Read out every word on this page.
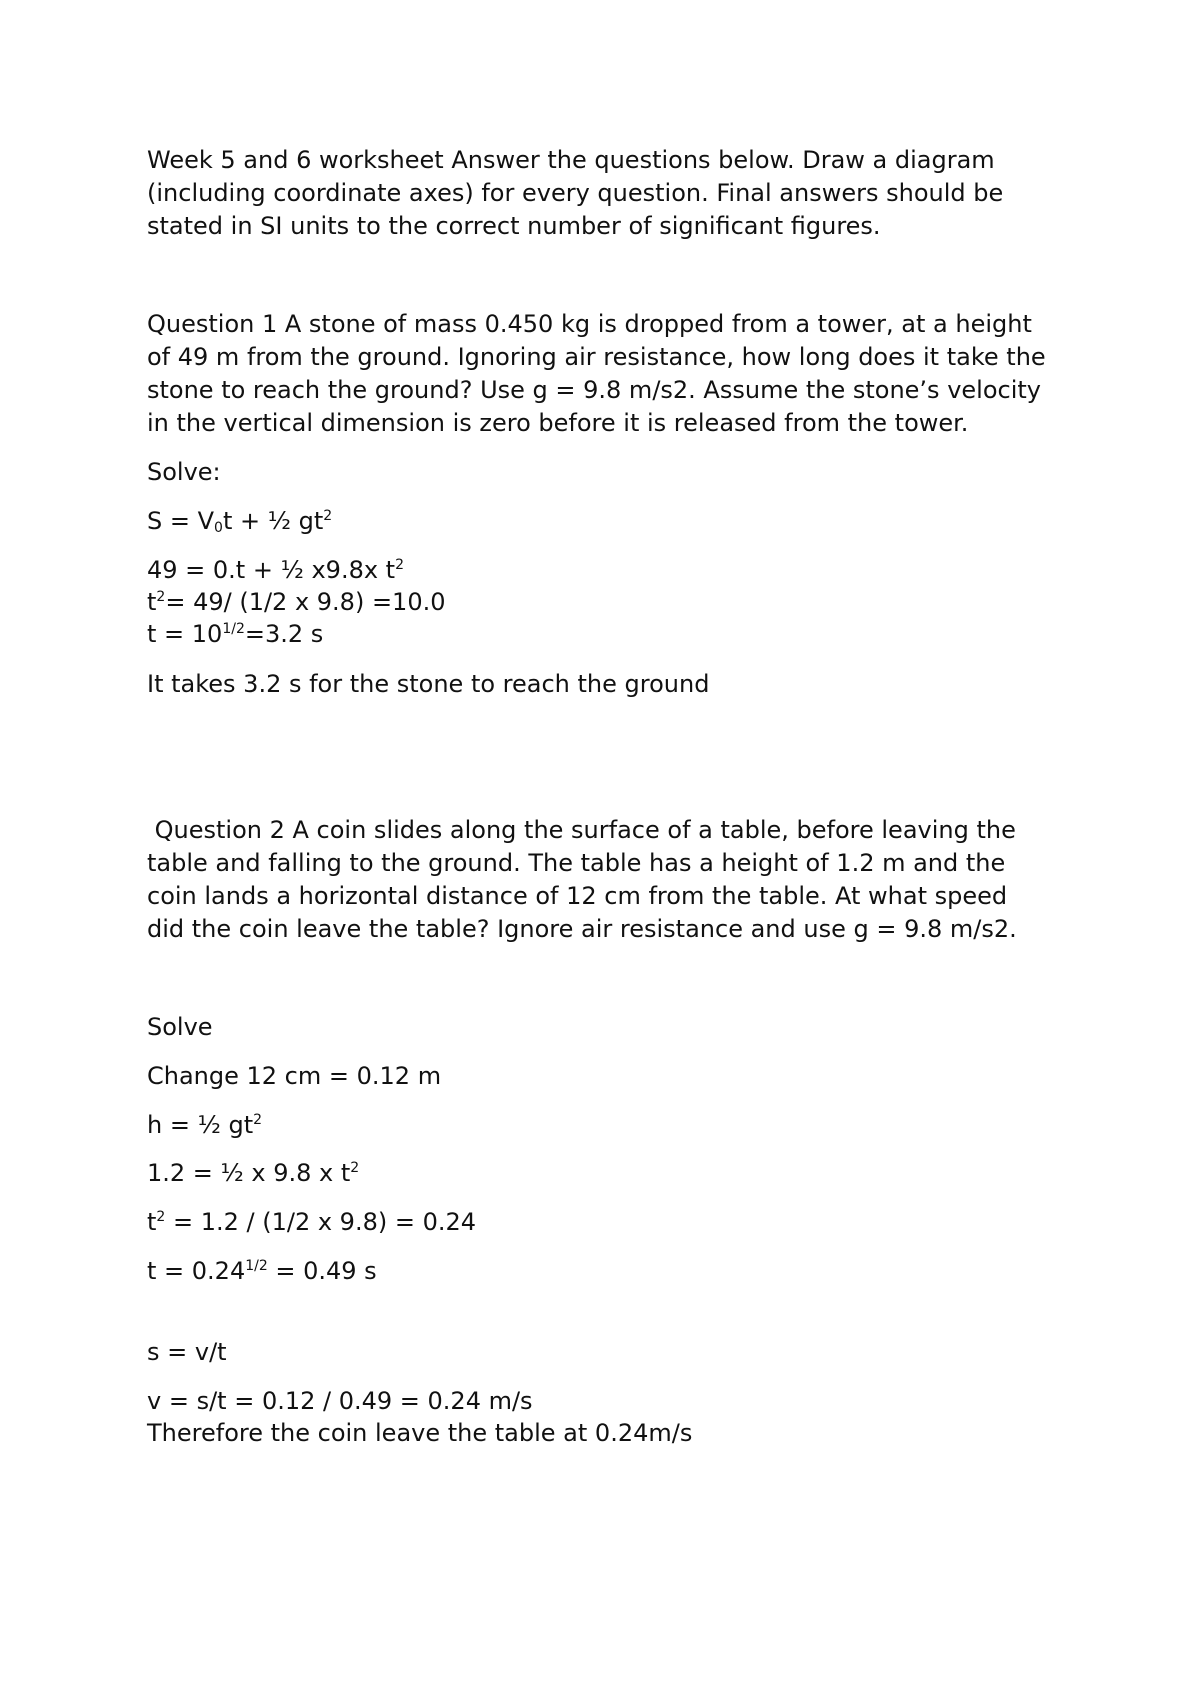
Week 5 and 6 worksheet Answer the questions below. Draw a diagram
(including coordinate axes) for every question. Final answers should be
stated in SI units to the correct number of significant figures.
Question 1 A stone of mass 0.450 kg is dropped from a tower, at a height
of 49 m from the ground. Ignoring air resistance, how long does it take the
stone to reach the ground? Use g = 9.8 m/s2. Assume the stone’s velocity
in the vertical dimension is zero before it is released from the tower.
Solve:
$S = V_0t$ + ½ $gt^2$
49 = 0.t + ½ x9.8x $t^2$
$t^2= 49/$ (1/2 x 9.8) =10.0
$t = 10^{1/2}=3.2$ s
It takes 3.2 s for the stone to reach the ground
Question 2 A coin slides along the surface of a table, before leaving the
table and falling to the ground. The table has a height of 1.2 m and the
coin lands a horizontal distance of 12 cm from the table. At what speed
did the coin leave the table? Ignore air resistance and use g = 9.8 m/s2.
Solve
Change 12 cm = 0.12 m
h = ½ $gt^2$
1.2 = ½ x 9.8 x $t^2$
$t^2 = 1.2 / (1/2$ x 9.8) = 0.24
$t = 0.24^{1/2} = 0.49$ s
s = v/t
v = s/t = 0.12 / 0.49 = 0.24 m/s
Therefore the coin leave the table at 0.24m/s
